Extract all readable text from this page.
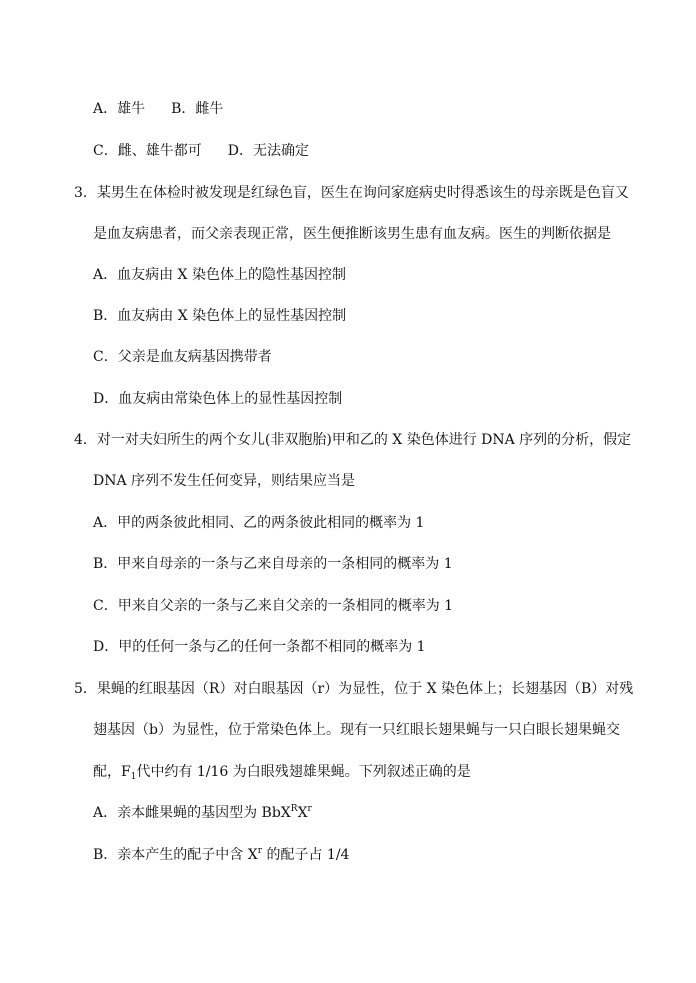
A．雄牛 B．雌牛
C．雌、雄牛都可 D．无法确定
3．某男生在体检时被发现是红绿色盲，医生在询问家庭病史时得悉该生的母亲既是色盲又
是血友病患者，而父亲表现正常，医生便推断该男生患有血友病。医生的判断依据是
A．血友病由 X 染色体上的隐性基因控制
B．血友病由 X 染色体上的显性基因控制
C．父亲是血友病基因携带者
D．血友病由常染色体上的显性基因控制
4．对一对夫妇所生的两个女儿(非双胞胎)甲和乙的 X 染色体进行 DNA 序列的分析，假定
DNA 序列不发生任何变异，则结果应当是
A．甲的两条彼此相同、乙的两条彼此相同的概率为 1
B．甲来自母亲的一条与乙来自母亲的一条相同的概率为 1
C．甲来自父亲的一条与乙来自父亲的一条相同的概率为 1
D．甲的任何一条与乙的任何一条都不相同的概率为 1
5．果蝇的红眼基因（R）对白眼基因（r）为显性，位于 X 染色体上；长翅基因（B）对残
翅基因（b）为显性，位于常染色体上。现有一只红眼长翅果蝇与一只白眼长翅果蝇交
配，$F_1$代中约有 1/16 为白眼残翅雄果蝇。下列叙述正确的是
A．亲本雌果蝇的基因型为 $BbX^RX^r$
B．亲本产生的配子中含 $X^r$ 的配子占 1/4
